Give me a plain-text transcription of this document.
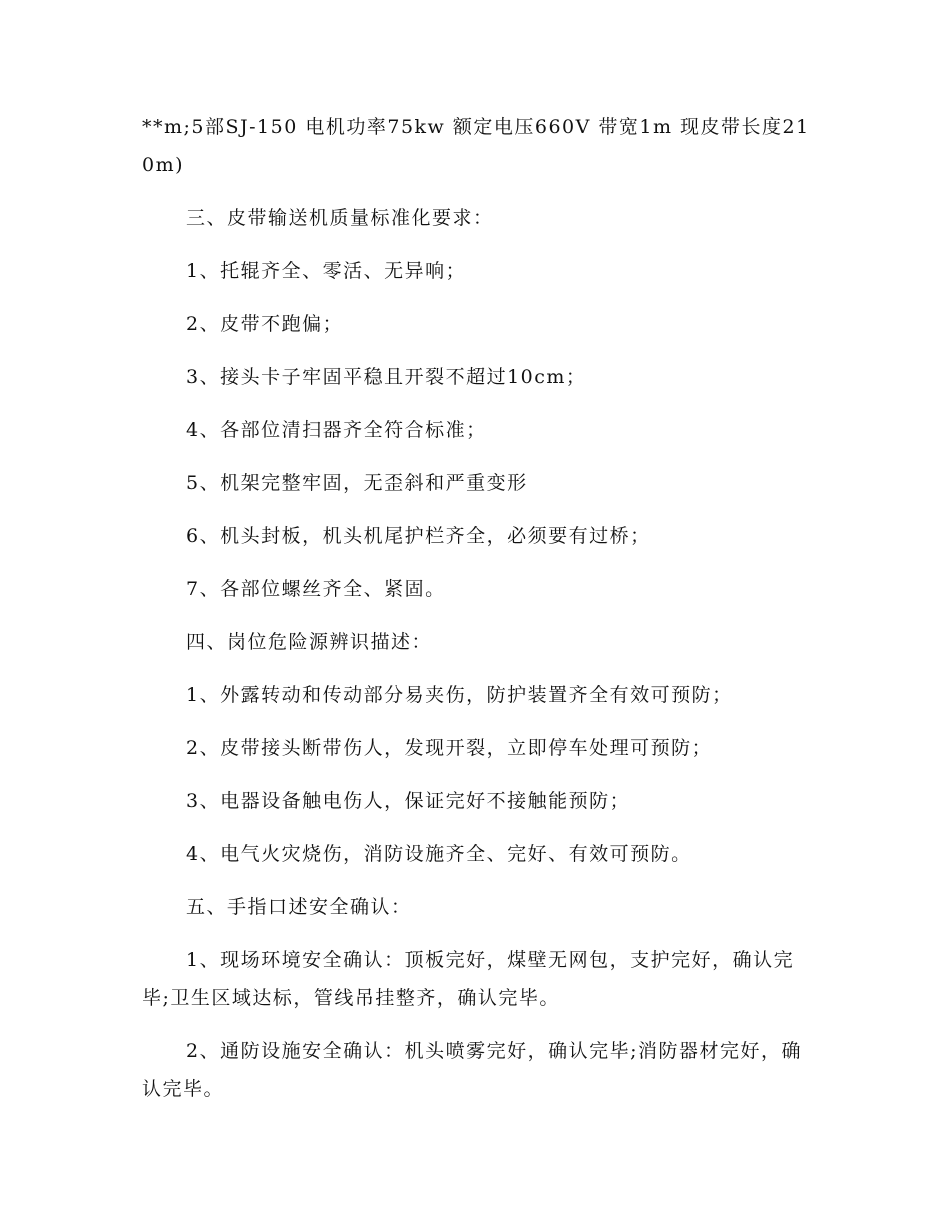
**m;5部SJ-150 电机功率75kw 额定电压660V 带宽1m 现皮带长度210m)

三、皮带输送机质量标准化要求：

1、托辊齐全、零活、无异响；

2、皮带不跑偏；

3、接头卡子牢固平稳且开裂不超过10cm；

4、各部位清扫器齐全符合标准；

5、机架完整牢固，无歪斜和严重变形

6、机头封板，机头机尾护栏齐全，必须要有过桥；

7、各部位螺丝齐全、紧固。

四、岗位危险源辨识描述：

1、外露转动和传动部分易夹伤，防护装置齐全有效可预防；

2、皮带接头断带伤人，发现开裂，立即停车处理可预防；

3、电器设备触电伤人，保证完好不接触能预防；

4、电气火灾烧伤，消防设施齐全、完好、有效可预防。

五、手指口述安全确认：

1、现场环境安全确认：顶板完好，煤壁无网包，支护完好，确认完毕;卫生区域达标，管线吊挂整齐，确认完毕。

2、通防设施安全确认：机头喷雾完好，确认完毕;消防器材完好，确认完毕。
